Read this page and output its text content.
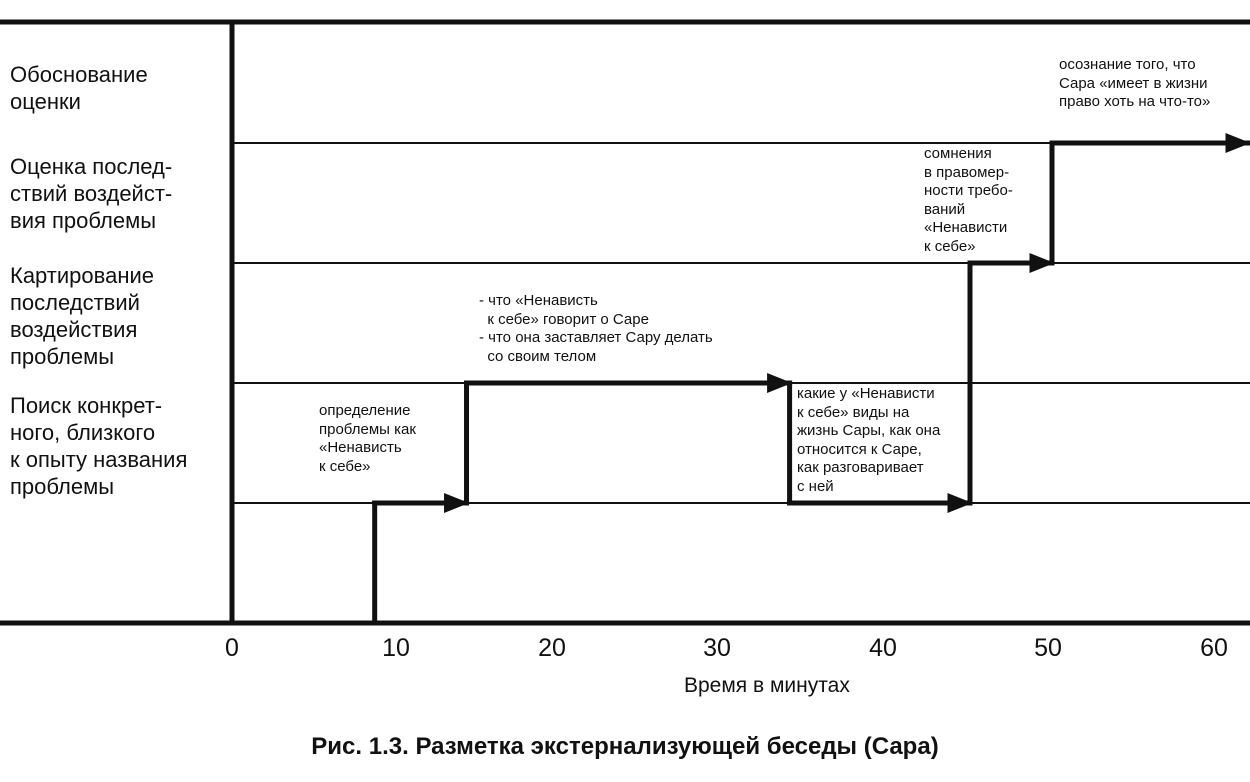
Обоснование
оценки
Оценка послед-
ствий воздейст-
вия проблемы
Картирование
последствий
воздействия
проблемы
Поиск конкрет-
ного, близкого
к опыту названия
проблемы
определение
проблемы как
«Ненависть
к себе»
- что «Ненависть
к себе» говорит о Саре
- что она заставляет Сару делать
со своим телом
какие у «Ненависти
к себе» виды на
жизнь Сары, как она
относится к Саре,
как разговаривает
с ней
сомнения
в правомер-
ности требо-
ваний
«Ненависти
к себе»
осознание того, что
Сара «имеет в жизни
право хоть на что-то»
0	10	20	30	40	50	60
Время в минутах
Рис. 1.3. Разметка экстернализующей беседы (Сара)
